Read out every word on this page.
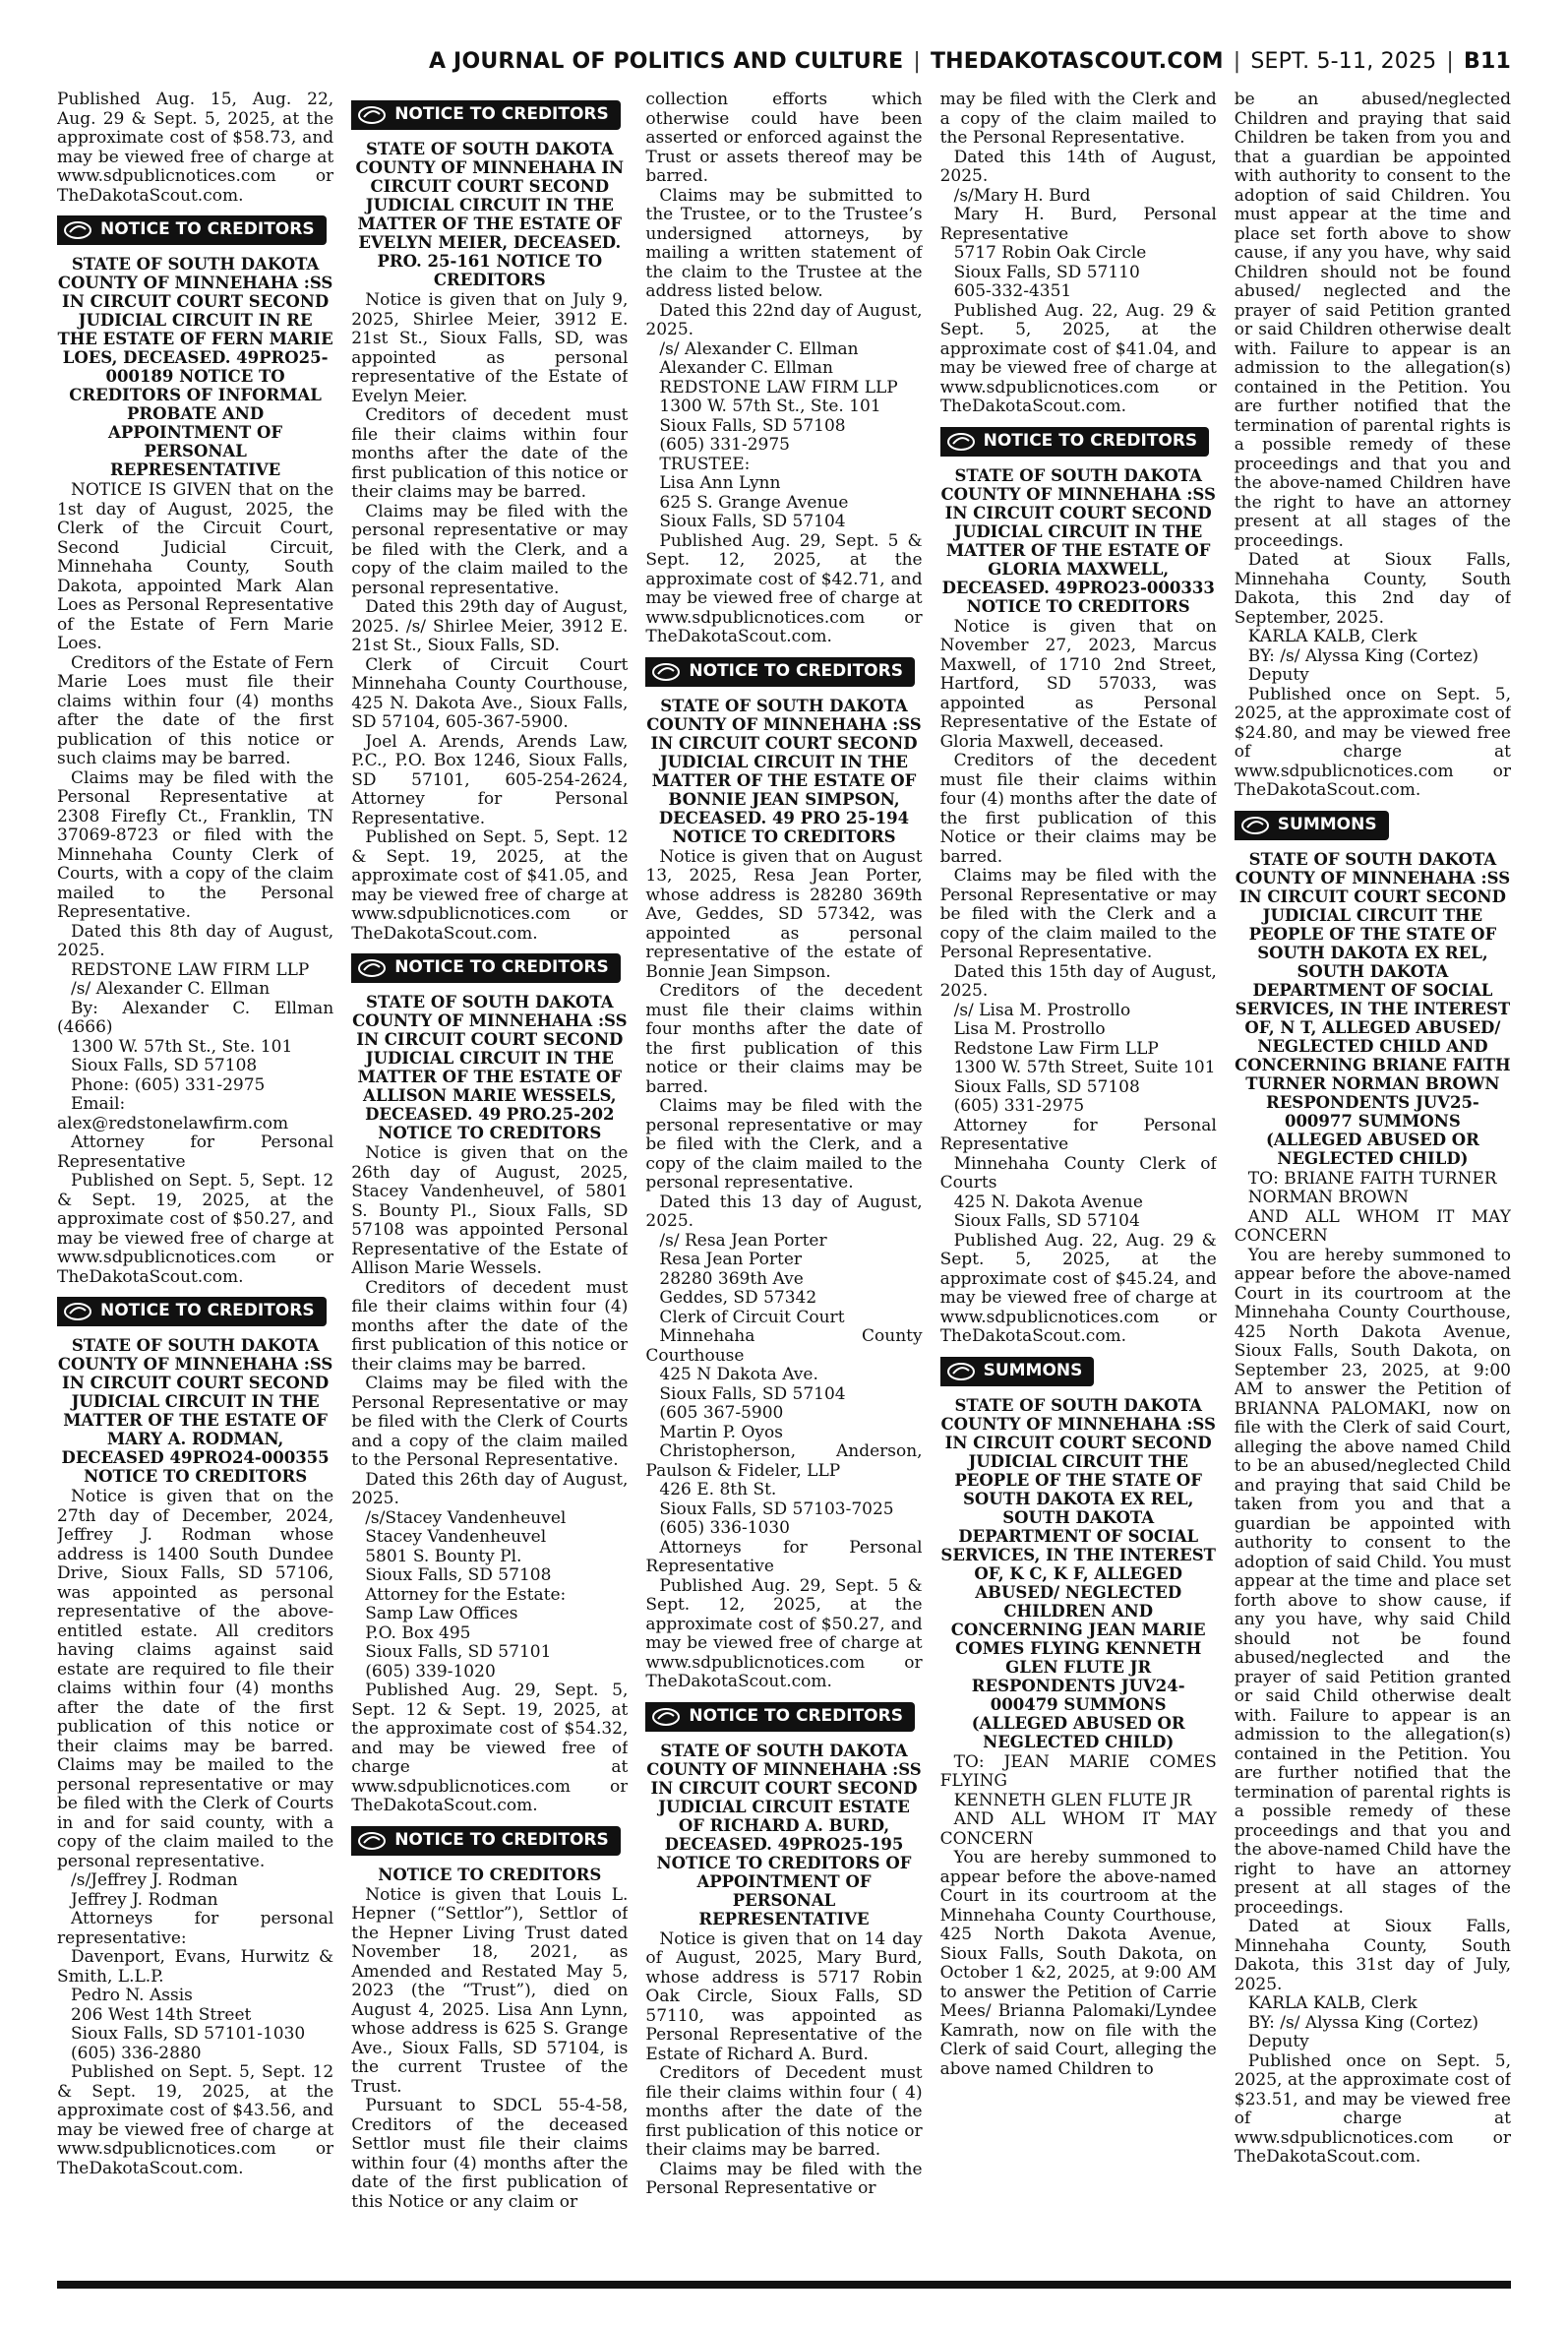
A JOURNAL OF POLITICS AND CULTURE | THEDAKOTASCOUT.COM | SEPT. 5-11, 2025 | B11

Published Aug. 15, Aug. 22, Aug. 29 & Sept. 5, 2025, at the approximate cost of $58.73, and may be viewed free of charge at www.sdpublicnotices.com or TheDakotaScout.com.

NOTICE TO CREDITORS
STATE OF SOUTH DAKOTA COUNTY OF MINNEHAHA :SS IN CIRCUIT COURT SECOND JUDICIAL CIRCUIT IN RE THE ESTATE OF FERN MARIE LOES, DECEASED. 49PRO25-000189 NOTICE TO CREDITORS OF INFORMAL PROBATE AND APPOINTMENT OF PERSONAL REPRESENTATIVE

NOTICE IS GIVEN that on the 1st day of August, 2025, the Clerk of the Circuit Court, Second Judicial Circuit, Minnehaha County, South Dakota, appointed Mark Alan Loes as Personal Representative of the Estate of Fern Marie Loes.

Creditors of the Estate of Fern Marie Loes must file their claims within four (4) months after the date of the first publication of this notice or such claims may be barred.

Claims may be filed with the Personal Representative at 2308 Firefly Ct., Franklin, TN 37069-8723 or filed with the Minnehaha County Clerk of Courts, with a copy of the claim mailed to the Personal Representative.

Dated this 8th day of August, 2025.

REDSTONE LAW FIRM LLP

/s/ Alexander C. Ellman

By: Alexander C. Ellman (4666)

1300 W. 57th St., Ste. 101

Sioux Falls, SD 57108

Phone: (605) 331-2975

Email: alex@redstonelawfirm.com

Attorney for Personal Representative

Published on Sept. 5, Sept. 12 & Sept. 19, 2025, at the approximate cost of $50.27, and may be viewed free of charge at www.sdpublicnotices.com or TheDakotaScout.com.

NOTICE TO CREDITORS
STATE OF SOUTH DAKOTA COUNTY OF MINNEHAHA :SS IN CIRCUIT COURT SECOND JUDICIAL CIRCUIT IN THE MATTER OF THE ESTATE OF MARY A. RODMAN, DECEASED 49PRO24-000355 NOTICE TO CREDITORS

Notice is given that on the 27th day of December, 2024, Jeffrey J. Rodman whose address is 1400 South Dundee Drive, Sioux Falls, SD 57106, was appointed as personal representative of the above-entitled estate. All creditors having claims against said estate are required to file their claims within four (4) months after the date of the first publication of this notice or their claims may be barred. Claims may be mailed to the personal representative or may be filed with the Clerk of Courts in and for said county, with a copy of the claim mailed to the personal representative.

/s/Jeffrey J. Rodman

Jeffrey J. Rodman

Attorneys for personal representative:

Davenport, Evans, Hurwitz & Smith, L.L.P.

Pedro N. Assis

206 West 14th Street

Sioux Falls, SD 57101-1030

(605) 336-2880

Published on Sept. 5, Sept. 12 & Sept. 19, 2025, at the approximate cost of $43.56, and may be viewed free of charge at www.sdpublicnotices.com or TheDakotaScout.com.

NOTICE TO CREDITORS
STATE OF SOUTH DAKOTA COUNTY OF MINNEHAHA IN CIRCUIT COURT SECOND JUDICIAL CIRCUIT IN THE MATTER OF THE ESTATE OF EVELYN MEIER, DECEASED. PRO. 25-161 NOTICE TO CREDITORS

Notice is given that on July 9, 2025, Shirlee Meier, 3912 E. 21st St., Sioux Falls, SD, was appointed as personal representative of the Estate of Evelyn Meier.

Creditors of decedent must file their claims within four months after the date of the first publication of this notice or their claims may be barred.

Claims may be filed with the personal representative or may be filed with the Clerk, and a copy of the claim mailed to the personal representative.

Dated this 29th day of August, 2025. /s/ Shirlee Meier, 3912 E. 21st St., Sioux Falls, SD.

Clerk of Circuit Court Minnehaha County Courthouse, 425 N. Dakota Ave., Sioux Falls, SD 57104, 605-367-5900.

Joel A. Arends, Arends Law, P.C., P.O. Box 1246, Sioux Falls, SD 57101, 605-254-2624, Attorney for Personal Representative.

Published on Sept. 5, Sept. 12 & Sept. 19, 2025, at the approximate cost of $41.05, and may be viewed free of charge at www.sdpublicnotices.com or TheDakotaScout.com.

NOTICE TO CREDITORS
STATE OF SOUTH DAKOTA COUNTY OF MINNEHAHA :SS IN CIRCUIT COURT SECOND JUDICIAL CIRCUIT IN THE MATTER OF THE ESTATE OF ALLISON MARIE WESSELS, DECEASED. 49 PRO.25-202 NOTICE TO CREDITORS

Notice is given that on the 26th day of August, 2025, Stacey Vandenheuvel, of 5801 S. Bounty Pl., Sioux Falls, SD 57108 was appointed Personal Representative of the Estate of Allison Marie Wessels.

Creditors of decedent must file their claims within four (4) months after the date of the first publication of this notice or their claims may be barred.

Claims may be filed with the Personal Representative or may be filed with the Clerk of Courts and a copy of the claim mailed to the Personal Representative.

Dated this 26th day of August, 2025.

/s/Stacey Vandenheuvel

Stacey Vandenheuvel

5801 S. Bounty Pl.

Sioux Falls, SD 57108

Attorney for the Estate:

Samp Law Offices

P.O. Box 495

Sioux Falls, SD 57101

(605) 339-1020

Published Aug. 29, Sept. 5, Sept. 12 & Sept. 19, 2025, at the approximate cost of $54.32, and may be viewed free of charge at www.sdpublicnotices.com or TheDakotaScout.com.

NOTICE TO CREDITORS
NOTICE TO CREDITORS

Notice is given that Louis L. Hepner (“Settlor”), Settlor of the Hepner Living Trust dated November 18, 2021, as Amended and Restated May 5, 2023 (the “Trust”), died on August 4, 2025. Lisa Ann Lynn, whose address is 625 S. Grange Ave., Sioux Falls, SD 57104, is the current Trustee of the Trust.

Pursuant to SDCL 55-4-58, Creditors of the deceased Settlor must file their claims within four (4) months after the date of the first publication of this Notice or any claim or

collection efforts which otherwise could have been asserted or enforced against the Trust or assets thereof may be barred.

Claims may be submitted to the Trustee, or to the Trustee’s undersigned attorneys, by mailing a written statement of the claim to the Trustee at the address listed below.

Dated this 22nd day of August, 2025.

/s/ Alexander C. Ellman

Alexander C. Ellman

REDSTONE LAW FIRM LLP

1300 W. 57th St., Ste. 101

Sioux Falls, SD 57108

(605) 331-2975

TRUSTEE:

Lisa Ann Lynn

625 S. Grange Avenue

Sioux Falls, SD 57104

Published Aug. 29, Sept. 5 & Sept. 12, 2025, at the approximate cost of $42.71, and may be viewed free of charge at www.sdpublicnotices.com or TheDakotaScout.com.

NOTICE TO CREDITORS
STATE OF SOUTH DAKOTA COUNTY OF MINNEHAHA :SS IN CIRCUIT COURT SECOND JUDICIAL CIRCUIT IN THE MATTER OF THE ESTATE OF BONNIE JEAN SIMPSON, DECEASED. 49 PRO 25-194 NOTICE TO CREDITORS

Notice is given that on August 13, 2025, Resa Jean Porter, whose address is 28280 369th Ave, Geddes, SD 57342, was appointed as personal representative of the estate of Bonnie Jean Simpson.

Creditors of the decedent must file their claims within four months after the date of the first publication of this notice or their claims may be barred.

Claims may be filed with the personal representative or may be filed with the Clerk, and a copy of the claim mailed to the personal representative.

Dated this 13 day of August, 2025.

/s/ Resa Jean Porter

Resa Jean Porter

28280 369th Ave

Geddes, SD 57342

Clerk of Circuit Court

Minnehaha County Courthouse

425 N Dakota Ave.

Sioux Falls, SD 57104

(605 367-5900

Martin P. Oyos

Christopherson, Anderson, Paulson & Fideler, LLP

426 E. 8th St.

Sioux Falls, SD 57103-7025

(605) 336-1030

Attorneys for Personal Representative

Published Aug. 29, Sept. 5 & Sept. 12, 2025, at the approximate cost of $50.27, and may be viewed free of charge at www.sdpublicnotices.com or TheDakotaScout.com.

NOTICE TO CREDITORS
STATE OF SOUTH DAKOTA COUNTY OF MINNEHAHA :SS IN CIRCUIT COURT SECOND JUDICIAL CIRCUIT ESTATE OF RICHARD A. BURD, DECEASED. 49PRO25-195 NOTICE TO CREDITORS OF APPOINTMENT OF PERSONAL REPRESENTATIVE

Notice is given that on 14 day of August, 2025, Mary Burd, whose address is 5717 Robin Oak Circle, Sioux Falls, SD 57110, was appointed as Personal Representative of the Estate of Richard A. Burd.

Creditors of Decedent must file their claims within four ( 4) months after the date of the first publication of this notice or their claims may be barred.

Claims may be filed with the Personal Representative or

may be filed with the Clerk and a copy of the claim mailed to the Personal Representative.

Dated this 14th of August, 2025.

/s/Mary H. Burd

Mary H. Burd, Personal Representative

5717 Robin Oak Circle

Sioux Falls, SD 57110

605-332-4351

Published Aug. 22, Aug. 29 & Sept. 5, 2025, at the approximate cost of $41.04, and may be viewed free of charge at www.sdpublicnotices.com or TheDakotaScout.com.

NOTICE TO CREDITORS
STATE OF SOUTH DAKOTA COUNTY OF MINNEHAHA :SS IN CIRCUIT COURT SECOND JUDICIAL CIRCUIT IN THE MATTER OF THE ESTATE OF GLORIA MAXWELL, DECEASED. 49PRO23-000333 NOTICE TO CREDITORS

Notice is given that on November 27, 2023, Marcus Maxwell, of 1710 2nd Street, Hartford, SD 57033, was appointed as Personal Representative of the Estate of Gloria Maxwell, deceased.

Creditors of the decedent must file their claims within four (4) months after the date of the first publication of this Notice or their claims may be barred.

Claims may be filed with the Personal Representative or may be filed with the Clerk and a copy of the claim mailed to the Personal Representative.

Dated this 15th day of August, 2025.

/s/ Lisa M. Prostrollo

Lisa M. Prostrollo

Redstone Law Firm LLP

1300 W. 57th Street, Suite 101

Sioux Falls, SD 57108

(605) 331-2975

Attorney for Personal Representative

Minnehaha County Clerk of Courts

425 N. Dakota Avenue

Sioux Falls, SD 57104

Published Aug. 22, Aug. 29 & Sept. 5, 2025, at the approximate cost of $45.24, and may be viewed free of charge at www.sdpublicnotices.com or TheDakotaScout.com.

SUMMONS
STATE OF SOUTH DAKOTA COUNTY OF MINNEHAHA :SS IN CIRCUIT COURT SECOND JUDICIAL CIRCUIT THE PEOPLE OF THE STATE OF SOUTH DAKOTA EX REL, SOUTH DAKOTA DEPARTMENT OF SOCIAL SERVICES, IN THE INTEREST OF, K C, K F, ALLEGED ABUSED/ NEGLECTED CHILDREN AND CONCERNING JEAN MARIE COMES FLYING KENNETH GLEN FLUTE JR RESPONDENTS JUV24-000479 SUMMONS (ALLEGED ABUSED OR NEGLECTED CHILD)

TO: JEAN MARIE COMES FLYING

KENNETH GLEN FLUTE JR

AND ALL WHOM IT MAY CONCERN

You are hereby summoned to appear before the above-named Court in its courtroom at the Minnehaha County Courthouse, 425 North Dakota Avenue, Sioux Falls, South Dakota, on October 1 &2, 2025, at 9:00 AM to answer the Petition of Carrie Mees/ Brianna Palomaki/Lyndee Kamrath, now on file with the Clerk of said Court, alleging the above named Children to

be an abused/neglected Children and praying that said Children be taken from you and that a guardian be appointed with authority to consent to the adoption of said Children. You must appear at the time and place set forth above to show cause, if any you have, why said Children should not be found abused/ neglected and the prayer of said Petition granted or said Children otherwise dealt with. Failure to appear is an admission to the allegation(s) contained in the Petition. You are further notified that the termination of parental rights is a possible remedy of these proceedings and that you and the above-named Children have the right to have an attorney present at all stages of the proceedings.

Dated at Sioux Falls, Minnehaha County, South Dakota, this 2nd day of September, 2025.

KARLA KALB, Clerk

BY: /s/ Alyssa King (Cortez)

Deputy

Published once on Sept. 5, 2025, at the approximate cost of $24.80, and may be viewed free of charge at www.sdpublicnotices.com or TheDakotaScout.com.

SUMMONS
STATE OF SOUTH DAKOTA COUNTY OF MINNEHAHA :SS IN CIRCUIT COURT SECOND JUDICIAL CIRCUIT THE PEOPLE OF THE STATE OF SOUTH DAKOTA EX REL, SOUTH DAKOTA DEPARTMENT OF SOCIAL SERVICES, IN THE INTEREST OF, N T, ALLEGED ABUSED/ NEGLECTED CHILD AND CONCERNING BRIANE FAITH TURNER NORMAN BROWN RESPONDENTS JUV25-000977 SUMMONS (ALLEGED ABUSED OR NEGLECTED CHILD)

TO: BRIANE FAITH TURNER

NORMAN BROWN

AND ALL WHOM IT MAY CONCERN

You are hereby summoned to appear before the above-named Court in its courtroom at the Minnehaha County Courthouse, 425 North Dakota Avenue, Sioux Falls, South Dakota, on September 23, 2025, at 9:00 AM to answer the Petition of BRIANNA PALOMAKI, now on file with the Clerk of said Court, alleging the above named Child to be an abused/neglected Child and praying that said Child be taken from you and that a guardian be appointed with authority to consent to the adoption of said Child. You must appear at the time and place set forth above to show cause, if any you have, why said Child should not be found abused/neglected and the prayer of said Petition granted or said Child otherwise dealt with. Failure to appear is an admission to the allegation(s) contained in the Petition. You are further notified that the termination of parental rights is a possible remedy of these proceedings and that you and the above-named Child have the right to have an attorney present at all stages of the proceedings.

Dated at Sioux Falls, Minnehaha County, South Dakota, this 31st day of July, 2025.

KARLA KALB, Clerk

BY: /s/ Alyssa King (Cortez)

Deputy

Published once on Sept. 5, 2025, at the approximate cost of $23.51, and may be viewed free of charge at www.sdpublicnotices.com or TheDakotaScout.com.
